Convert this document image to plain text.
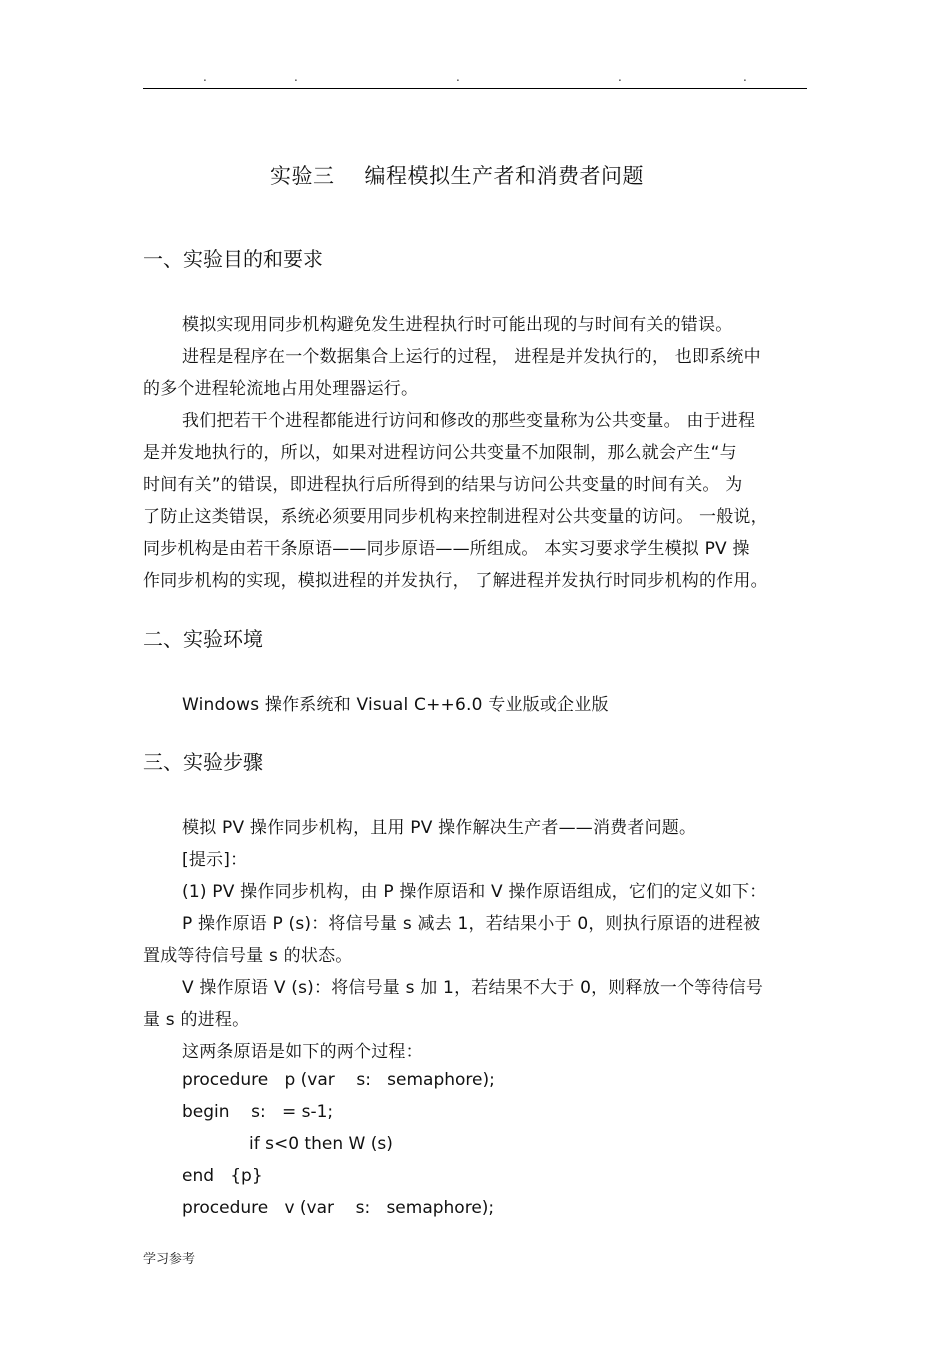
.	.	.	.	.
实验三 编程模拟生产者和消费者问题
一、实验目的和要求
模拟实现用同步机构避免发生进程执行时可能出现的与时间有关的错误。
进程是程序在一个数据集合上运行的过程， 进程是并发执行的， 也即系统中
的多个进程轮流地占用处理器运行。
我们把若干个进程都能进行访问和修改的那些变量称为公共变量。 由于进程
是并发地执行的，所以，如果对进程访问公共变量不加限制，那么就会产生“与
时间有关”的错误，即进程执行后所得到的结果与访问公共变量的时间有关。 为
了防止这类错误，系统必须要用同步机构来控制进程对公共变量的访问。 一般说，
同步机构是由若干条原语——同步原语——所组成。 本实习要求学生模拟 PV 操
作同步机构的实现，模拟进程的并发执行， 了解进程并发执行时同步机构的作用。
二、实验环境
Windows 操作系统和 Visual C++6.0 专业版或企业版
三、实验步骤
模拟 PV 操作同步机构，且用 PV 操作解决生产者——消费者问题。
[提示]：
(1) PV 操作同步机构，由 P 操作原语和 V 操作原语组成，它们的定义如下：
P 操作原语 P (s)：将信号量 s 减去 1，若结果小于 0，则执行原语的进程被
置成等待信号量 s 的状态。
V 操作原语 V (s)：将信号量 s 加 1，若结果不大于 0，则释放一个等待信号
量 s 的进程。
这两条原语是如下的两个过程：
procedure   p (var    s:   semaphore);
begin    s:   = s-1;
if s<0 then W (s)
end   {p}
procedure   v (var    s:   semaphore);
学习参考
